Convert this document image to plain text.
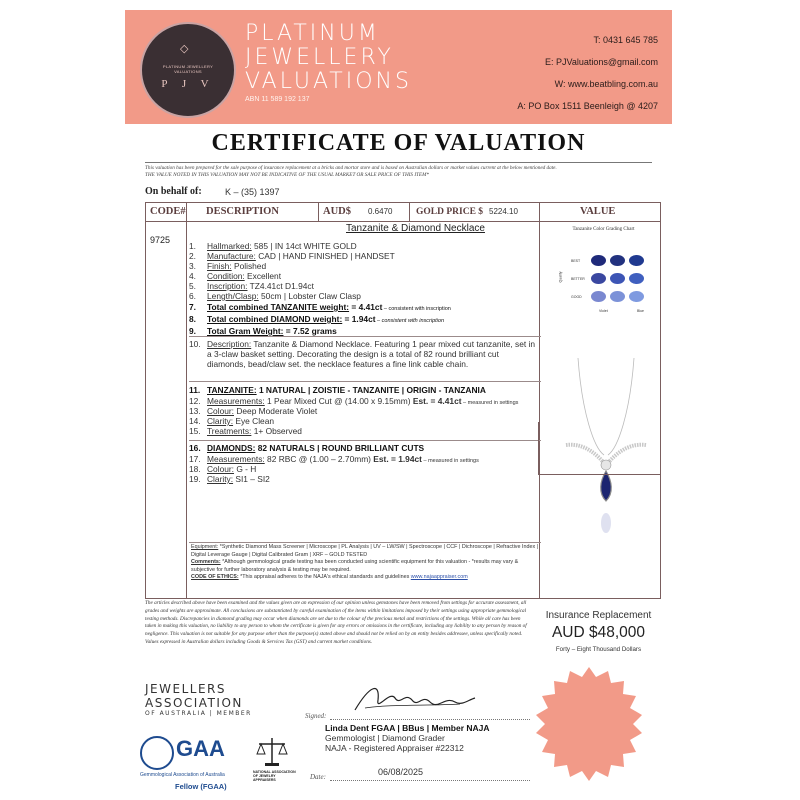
◇
PLATINUM JEWELLERY VALUATIONS
P J V
PLATINUM
JEWELLERY
VALUATIONS
ABN 11 589 192 137
T: 0431 645 785
E: PJValuations@gmail.com
W: www.beatbling.com.au
A: PO Box 1511 Beenleigh @ 4207
CERTIFICATE OF VALUATION
This valuation has been prepared for the sale purpose of insurance replacement at a bricks and mortar store and is based on Australian dollars or market values current at the below mentioned date.
THE VALUE NOTED IN THIS VALUATION MAY NOT BE INDICATIVE OF THE USUAL MARKET OR SALE PRICE OF THIS ITEM*
On behalf of:	K – (35) 1397
CODE# DESCRIPTION	AUD$ 0.6470 GOLD PRICE $ 5224.10	VALUE
9725
Tanzanite & Diamond Necklace
1.	Hallmarked: 585 | IN 14ct WHITE GOLD
2.	Manufacture: CAD | HAND FINISHED | HANDSET
3.	Finish: Polished
4.	Condition: Excellent
5.	Inscription: TZ4.41ct D1.94ct
6.	Length/Clasp: 50cm | Lobster Claw Clasp
7.	Total combined TANZANITE weight: = 4.41ct – consistent with inscription
8.	Total combined DIAMOND weight: = 1.94ct – consistent with inscription
9.	Total Gram Weight: = 7.52 grams
10. Description: Tanzanite & Diamond Necklace. Featuring 1 pear mixed cut tanzanite, set in a 3-claw basket setting. Decorating the design is a total of 82 round brilliant cut diamonds, bead/claw set. the necklace features a fine link cable chain.
11. TANZANITE: 1 NATURAL | ZOISTIE - TANZANITE | ORIGIN - TANZANIA
12. Measurements: 1 Pear Mixed Cut @ (14.00 x 9.15mm) Est. = 4.41ct – measured in settings
13. Colour: Deep Moderate Violet
14. Clarity: Eye Clean
15. Treatments: 1+ Observed
16. DIAMONDS: 82 NATURALS | ROUND BRILLIANT CUTS
17. Measurements: 82 RBC @ (1.00 – 2.70mm) Est. = 1.94ct – measured in settings
18. Colour: G - H
19. Clarity: SI1 – SI2
Equipment: *Synthetic Diamond Mass Screener | Microscope | PL Analysis | UV – LW/SW | Spectroscope | CCF | Dichroscope | Refractive Index | Digital Leverage Gauge | Digital Calibrated Gram | XRF – GOLD TESTED
Comments: *Although gemmological grade testing has been conducted using scientific equipment for this valuation - *results may vary & subjective for further laboratory analysis & testing may be required.
CODE OF ETHICS: *This appraisal adheres to the NAJA's ethical standards and guidelines www.najaappraiser.com
Tanzanite Color Grading Chart
Quality
BEST
BETTER
GOOD
Violet	Blue
Insurance Replacement
AUD $48,000
Forty – Eight Thousand Dollars
The articles described above have been examined and the values given are an expression of our opinion unless gemstones have been removed from settings for accurate assessment, all grades and weights are approximate. All conclusions are substantiated by careful examination of the items within limitations imposed by their settings using appropriate gemmological testing methods. Discrepancies in diamond grading may occur when diamonds are set due to the colour of the precious metal and restrictions of the settings. While all care has been taken in making this valuation, no liability to any person to whom the certificate is given for any errors or omissions in the certificate, including any liability to any person by reason of negligence. This valuation is not suitable for any purpose other than the purpose(s) stated above and should not be relied on by an entity besides addressee, unless specifically noted. Values expressed in Australian dollars including Goods & Services Tax (GST) and current market conditions.
JEWELLERS
ASSOCIATION
OF AUSTRALIA | MEMBER
GAA
Gemmological Association of Australia
Fellow (FGAA)
NATIONAL ASSOCIATION OF JEWELRY APPRAISERS
Signed:
Linda Dent FGAA | BBus | Member NAJA
Gemmologist | Diamond Grader
NAJA - Registered Appraiser #22312
Date:	06/08/2025
